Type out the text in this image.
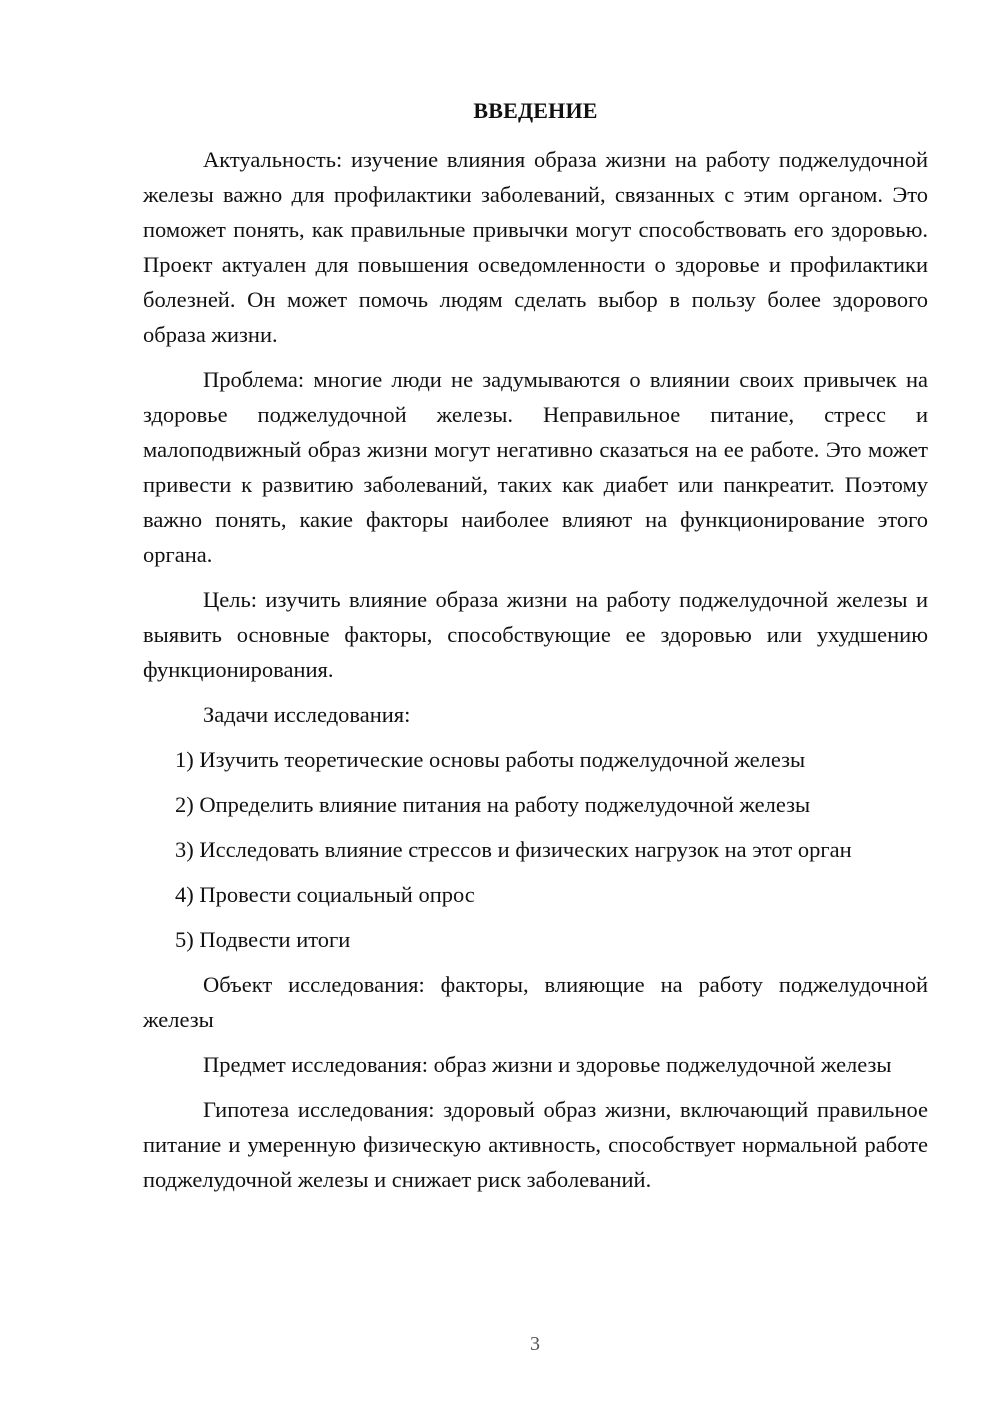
ВВЕДЕНИЕ

Актуальность: изучение влияния образа жизни на работу поджелудочной железы важно для профилактики заболеваний, связанных с этим органом. Это поможет понять, как правильные привычки могут способствовать его здоровью. Проект актуален для повышения осведомленности о здоровье и профилактики болезней. Он может помочь людям сделать выбор в пользу более здорового образа жизни.

Проблема: многие люди не задумываются о влиянии своих привычек на здоровье поджелудочной железы. Неправильное питание, стресс и малоподвижный образ жизни могут негативно сказаться на ее работе. Это может привести к развитию заболеваний, таких как диабет или панкреатит. Поэтому важно понять, какие факторы наиболее влияют на функционирование этого органа.

Цель: изучить влияние образа жизни на работу поджелудочной железы и выявить основные факторы, способствующие ее здоровью или ухудшению функционирования.

Задачи исследования:

1) Изучить теоретические основы работы поджелудочной железы

2) Определить влияние питания на работу поджелудочной железы

3) Исследовать влияние стрессов и физических нагрузок на этот орган

4) Провести социальный опрос

5) Подвести итоги

Объект исследования: факторы, влияющие на работу поджелудочной железы

Предмет исследования: образ жизни и здоровье поджелудочной железы

Гипотеза исследования: здоровый образ жизни, включающий правильное питание и умеренную физическую активность, способствует нормальной работе поджелудочной железы и снижает риск заболеваний.

3
